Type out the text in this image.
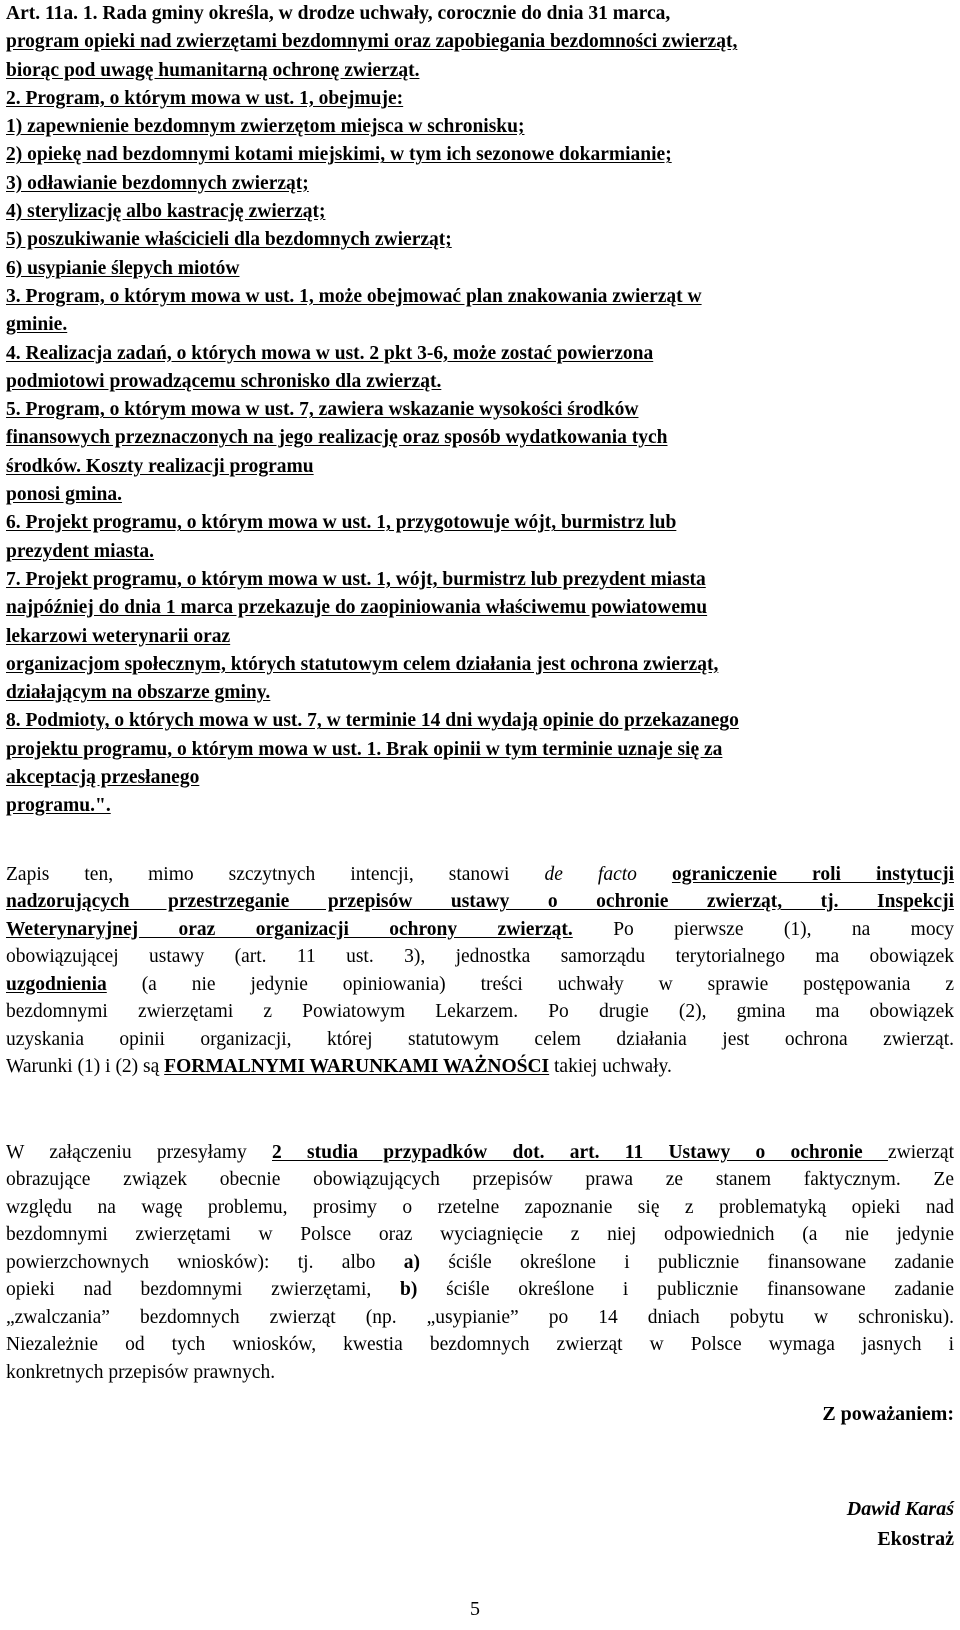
Art. 11a. 1. Rada gminy określa, w drodze uchwały, corocznie do dnia 31 marca,
program opieki nad zwierzętami bezdomnymi oraz zapobiegania bezdomności zwierząt,
biorąc pod uwagę humanitarną ochronę zwierząt.
2. Program, o którym mowa w ust. 1, obejmuje:
1) zapewnienie bezdomnym zwierzętom miejsca w schronisku;
2) opiekę nad bezdomnymi kotami miejskimi, w tym ich sezonowe dokarmianie;
3) odławianie bezdomnych zwierząt;
4) sterylizację albo kastrację zwierząt;
5) poszukiwanie właścicieli dla bezdomnych zwierząt;
6) usypianie ślepych miotów
3. Program, o którym mowa w ust. 1, może obejmować plan znakowania zwierząt w
gminie.
4. Realizacja zadań, o których mowa w ust. 2 pkt 3-6, może zostać powierzona
podmiotowi prowadzącemu schronisko dla zwierząt.
5. Program, o którym mowa w ust. 7, zawiera wskazanie wysokości środków
finansowych przeznaczonych na jego realizację oraz sposób wydatkowania tych
środków. Koszty realizacji programu
ponosi gmina.
6. Projekt programu, o którym mowa w ust. 1, przygotowuje wójt, burmistrz lub
prezydent miasta.
7. Projekt programu, o którym mowa w ust. 1, wójt, burmistrz lub prezydent miasta
najpóźniej do dnia 1 marca przekazuje do zaopiniowania właściwemu powiatowemu
lekarzowi weterynarii oraz
organizacjom społecznym, których statutowym celem działania jest ochrona zwierząt,
działającym na obszarze gminy.
8. Podmioty, o których mowa w ust. 7, w terminie 14 dni wydają opinie do przekazanego
projektu programu, o którym mowa w ust. 1. Brak opinii w tym terminie uznaje się za
akceptacją przesłanego
programu.".
Zapis ten, mimo szczytnych intencji, stanowi de facto ograniczenie roli instytucji
nadzorujących przestrzeganie przepisów ustawy o ochronie zwierząt, tj. Inspekcji
Weterynaryjnej oraz organizacji ochrony zwierząt. Po pierwsze (1), na mocy
obowiązującej ustawy (art. 11 ust. 3), jednostka samorządu terytorialnego ma obowiązek
uzgodnienia (a nie jedynie opiniowania) treści uchwały w sprawie postępowania z
bezdomnymi zwierzętami z Powiatowym Lekarzem. Po drugie (2), gmina ma obowiązek
uzyskania opinii organizacji, której statutowym celem działania jest ochrona zwierząt.
Warunki (1) i (2) są FORMALNYMI WARUNKAMI WAŻNOŚCI takiej uchwały.
W załączeniu przesyłamy 2 studia przypadków dot. art. 11 Ustawy o ochronie zwierząt
obrazujące związek obecnie obowiązujących przepisów prawa ze stanem faktycznym. Ze
względu na wagę problemu, prosimy o rzetelne zapoznanie się z problematyką opieki nad
bezdomnymi zwierzętami w Polsce oraz wyciagnięcie z niej odpowiednich (a nie jedynie
powierzchownych wniosków): tj. albo a) ściśle określone i publicznie finansowane zadanie
opieki nad bezdomnymi zwierzętami, b) ściśle określone i publicznie finansowane zadanie
„zwalczania” bezdomnych zwierząt (np. „usypianie” po 14 dniach pobytu w schronisku).
Niezależnie od tych wniosków, kwestia bezdomnych zwierząt w Polsce wymaga jasnych i
konkretnych przepisów prawnych.
Z poważaniem:
Dawid Karaś
Ekostraż
5
